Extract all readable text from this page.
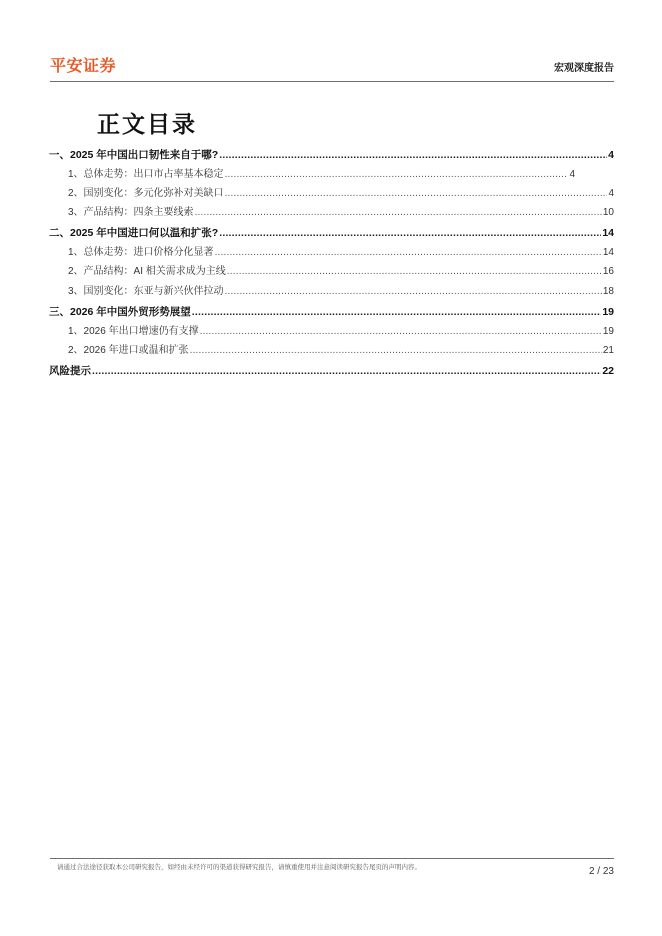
平安证券	宏观深度报告
正文目录
一、 2025 年中国出口韧性来自于哪? .....	4
1、总体走势：出口市占率基本稳定 .....	4
2、国别变化：多元化弥补对美缺口 .....	4
3、产品结构：四条主要线索 .....	10
二、 2025 年中国进口何以温和扩张? .....	14
1、总体走势：进口价格分化显著 .....	14
2、产品结构：AI 相关需求成为主线 .....	16
3、国别变化：东亚与新兴伙伴拉动 .....	18
三、 2026 年中国外贸形势展望 .....	19
1、2026 年出口增速仍有支撑 .....	19
2、2026 年进口或温和扩张 .....	21
风险提示 .....	22
请通过合法途径获取本公司研究报告，如经由未经许可的渠道获得研究报告，请慎重使用并注意阅读研究报告尾页的声明内容。	2 / 23
